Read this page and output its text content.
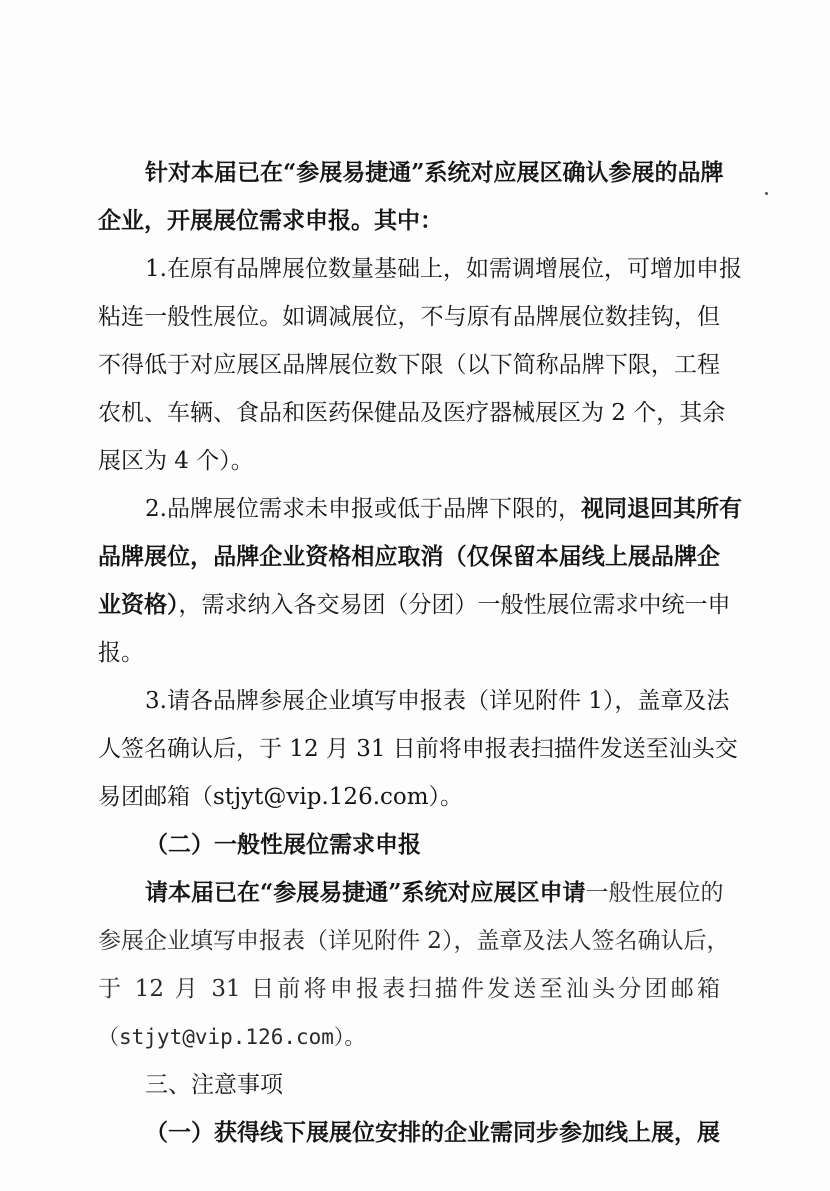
针对本届已在“参展易捷通”系统对应展区确认参展的品牌
企业，开展展位需求申报。其中：
1.在原有品牌展位数量基础上，如需调增展位，可增加申报
粘连一般性展位。如调减展位，不与原有品牌展位数挂钩，但
不得低于对应展区品牌展位数下限（以下简称品牌下限，工程
农机、车辆、食品和医药保健品及医疗器械展区为 2 个，其余
展区为 4 个）。
2.品牌展位需求未申报或低于品牌下限的， 视同退回其所有
品牌展位，品牌企业资格相应取消（仅保留本届线上展品牌企
业资格），需求纳入各交易团（分团）一般性展位需求中统一申
报。
3.请各品牌参展企业填写申报表（详见附件 1），盖章及法
人签名确认后，于 12 月 31 日前将申报表扫描件发送至汕头交
易团邮箱（stjyt@vip.126.com）。
（二）一般性展位需求申报
请本届已在“参展易捷通”系统对应展区申请 一般性展位的
参展企业填写申报表（详见附件 2），盖章及法人签名确认后，
于 12 月 31 日前将申报表扫描件发送至汕头分团邮箱
（stjyt@vip.126.com）。
三、注意事项
（一）获得线下展展位安排的企业需同步参加线上展，展
